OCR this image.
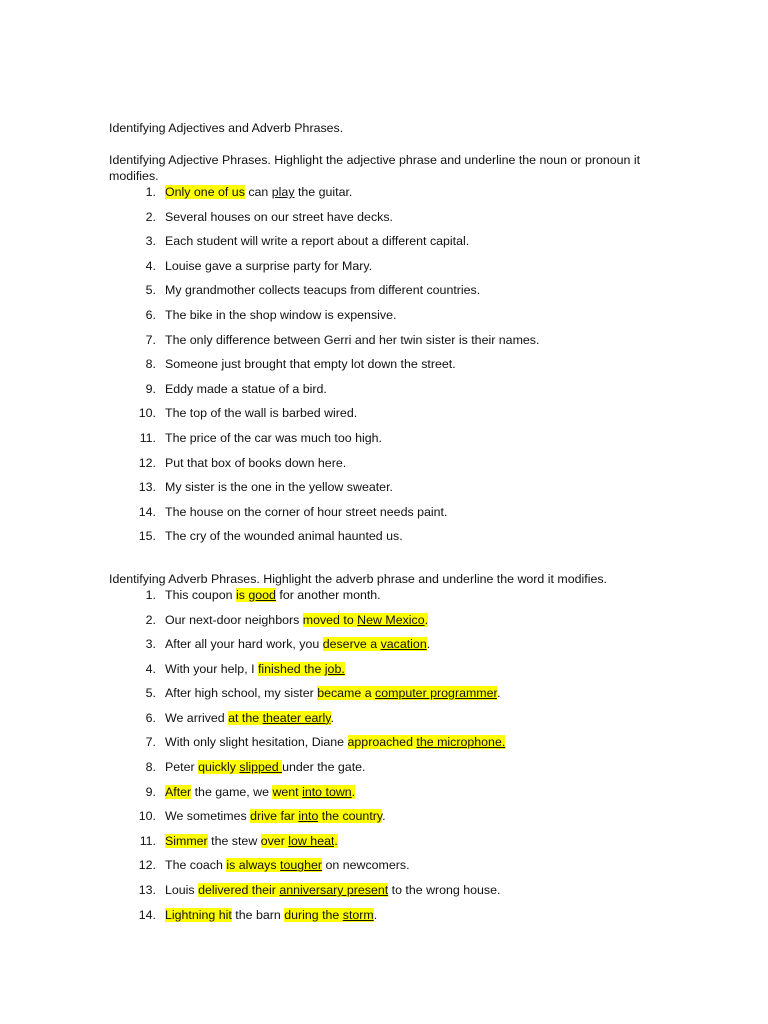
Identifying Adjectives and Adverb Phrases.

Identifying Adjective Phrases. Highlight the adjective phrase and underline the noun or pronoun it modifies.

1. Only one of us can play the guitar.
2. Several houses on our street have decks.
3. Each student will write a report about a different capital.
4. Louise gave a surprise party for Mary.
5. My grandmother collects teacups from different countries.
6. The bike in the shop window is expensive.
7. The only difference between Gerri and her twin sister is their names.
8. Someone just brought that empty lot down the street.
9. Eddy made a statue of a bird.
10. The top of the wall is barbed wired.
11. The price of the car was much too high.
12. Put that box of books down here.
13. My sister is the one in the yellow sweater.
14. The house on the corner of hour street needs paint.
15. The cry of the wounded animal haunted us.

Identifying Adverb Phrases. Highlight the adverb phrase and underline the word it modifies.

1. This coupon is good for another month.
2. Our next-door neighbors moved to New Mexico.
3. After all your hard work, you deserve a vacation.
4. With your help, I finished the job.
5. After high school, my sister became a computer programmer.
6. We arrived at the theater early.
7. With only slight hesitation, Diane approached the microphone.
8. Peter quickly slipped under the gate.
9. After the game, we went into town.
10. We sometimes drive far into the country.
11. Simmer the stew over low heat.
12. The coach is always tougher on newcomers.
13. Louis delivered their anniversary present to the wrong house.
14. Lightning hit the barn during the storm.
